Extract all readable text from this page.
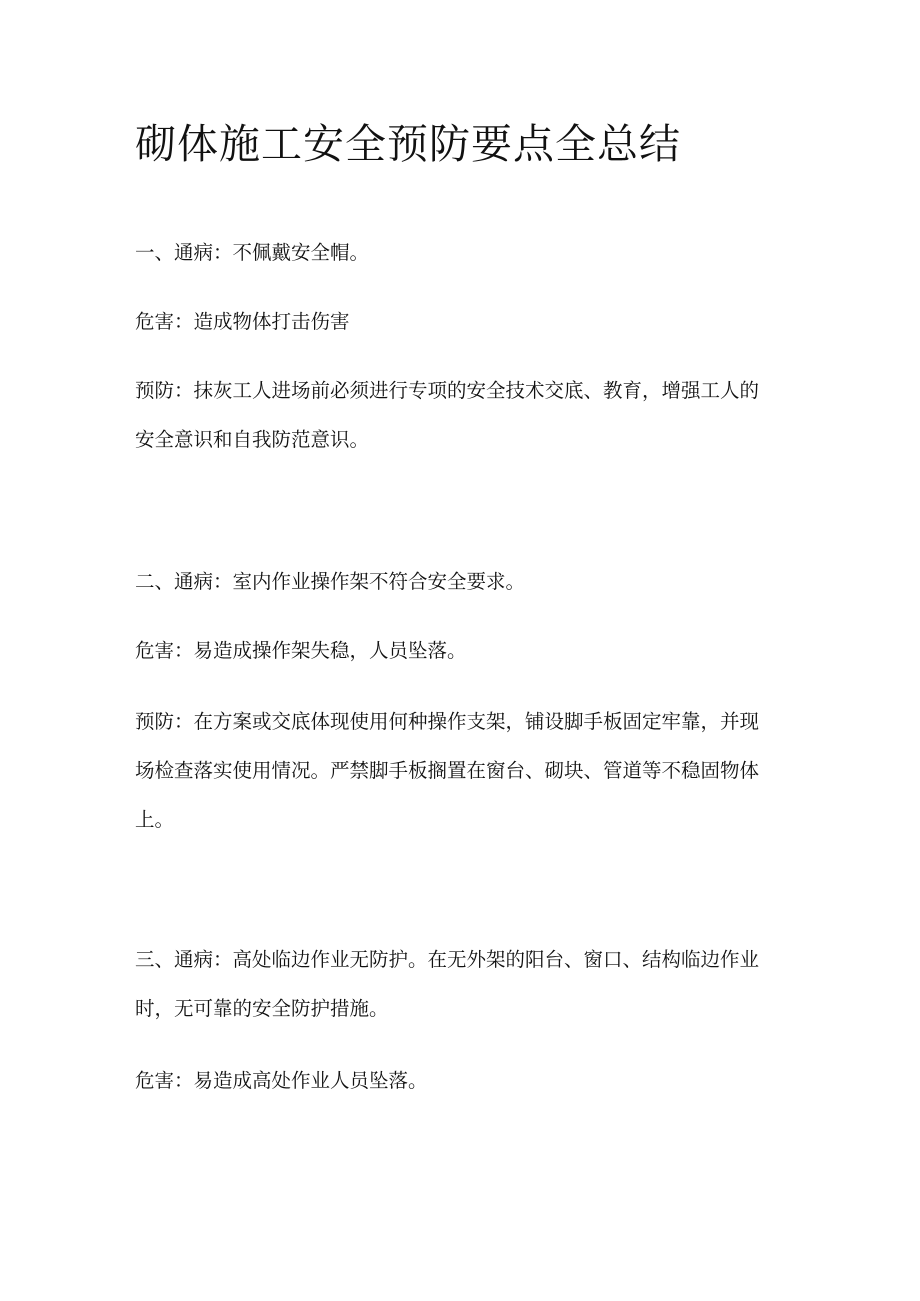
砌体施工安全预防要点全总结

一、通病：不佩戴安全帽。

危害：造成物体打击伤害

预防：抹灰工人进场前必须进行专项的安全技术交底、教育，增强工人的

安全意识和自我防范意识。

二、通病：室内作业操作架不符合安全要求。

危害：易造成操作架失稳，人员坠落。

预防：在方案或交底体现使用何种操作支架，铺设脚手板固定牢靠，并现

场检查落实使用情况。严禁脚手板搁置在窗台、砌块、管道等不稳固物体

上。

三、通病：高处临边作业无防护。在无外架的阳台、窗口、结构临边作业

时，无可靠的安全防护措施。

危害：易造成高处作业人员坠落。
